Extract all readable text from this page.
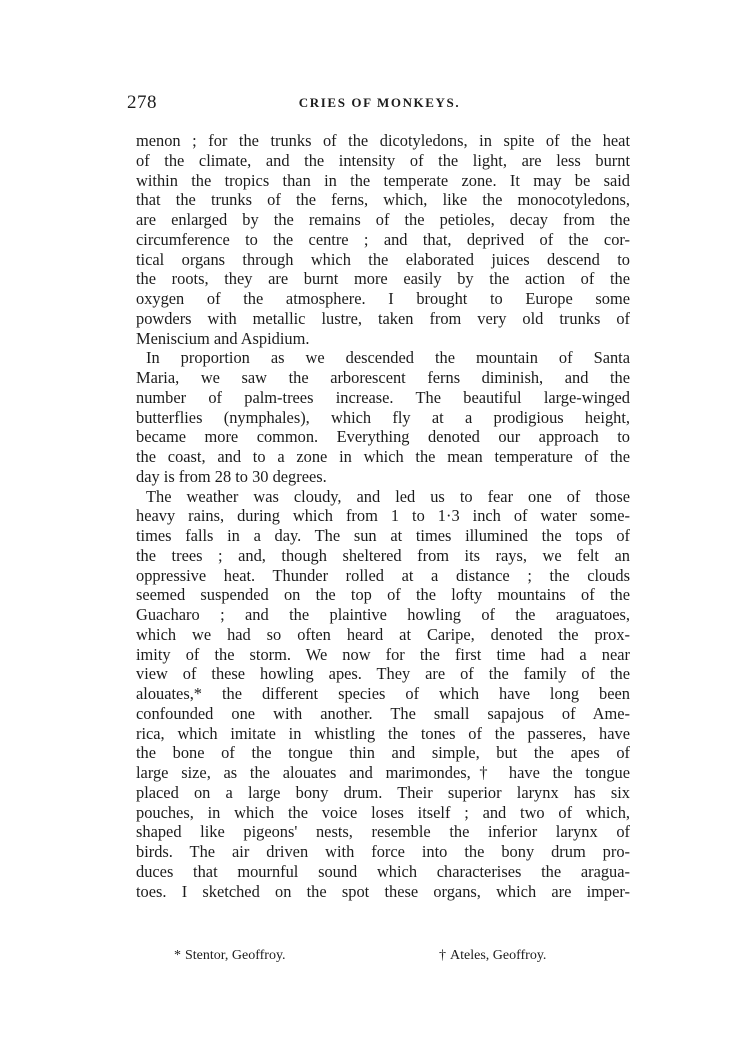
278	CRIES OF MONKEYS.
menon ; for the trunks of the dicotyledons, in spite of the heat
of the climate, and the intensity of the light, are less burnt
within the tropics than in the temperate zone. It may be said
that the trunks of the ferns, which, like the monocotyledons,
are enlarged by the remains of the petioles, decay from the
circumference to the centre ; and that, deprived of the cor-
tical organs through which the elaborated juices descend to
the roots, they are burnt more easily by the action of the
oxygen of the atmosphere. I brought to Europe some
powders with metallic lustre, taken from very old trunks of
Meniscium and Aspidium.
In proportion as we descended the mountain of Santa
Maria, we saw the arborescent ferns diminish, and the
number of palm-trees increase. The beautiful large-winged
butterflies (nymphales), which fly at a prodigious height,
became more common. Everything denoted our approach to
the coast, and to a zone in which the mean temperature of the
day is from 28 to 30 degrees.
The weather was cloudy, and led us to fear one of those
heavy rains, during which from 1 to 1·3 inch of water some-
times falls in a day. The sun at times illumined the tops of
the trees ; and, though sheltered from its rays, we felt an
oppressive heat. Thunder rolled at a distance ; the clouds
seemed suspended on the top of the lofty mountains of the
Guacharo ; and the plaintive howling of the araguatoes,
which we had so often heard at Caripe, denoted the prox-
imity of the storm. We now for the first time had a near
view of these howling apes. They are of the family of the
alouates,* the different species of which have long been
confounded one with another. The small sapajous of Ame-
rica, which imitate in whistling the tones of the passeres, have
the bone of the tongue thin and simple, but the apes of
large size, as the alouates and marimondes,† have the tongue
placed on a large bony drum. Their superior larynx has six
pouches, in which the voice loses itself ; and two of which,
shaped like pigeons' nests, resemble the inferior larynx of
birds. The air driven with force into the bony drum pro-
duces that mournful sound which characterises the aragua-
toes. I sketched on the spot these organs, which are imper-
* Stentor, Geoffroy.	† Ateles, Geoffroy.
